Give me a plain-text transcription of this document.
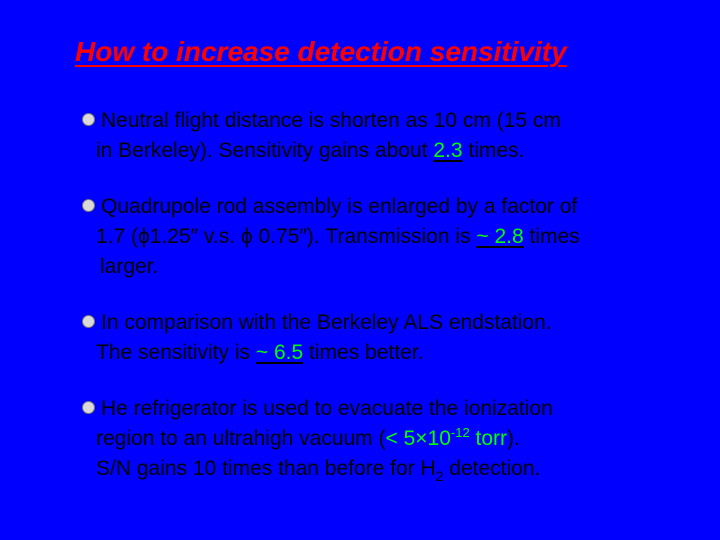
How to increase detection sensitivity
Neutral flight distance is shorten as 10 cm (15 cm
in Berkeley). Sensitivity gains about 2.3 times.
Quadrupole rod assembly is enlarged by a factor of
1.7 (ϕ1.25″ v.s. ϕ 0.75″). Transmission is ~ 2.8 times
larger.
In comparison with the Berkeley ALS endstation.
The sensitivity is ~ 6.5 times better.
He refrigerator is used to evacuate the ionization
region to an ultrahigh vacuum (< $5\times 10^{-12}$ torr).
S/N gains 10 times than before for $H_2$ detection.
